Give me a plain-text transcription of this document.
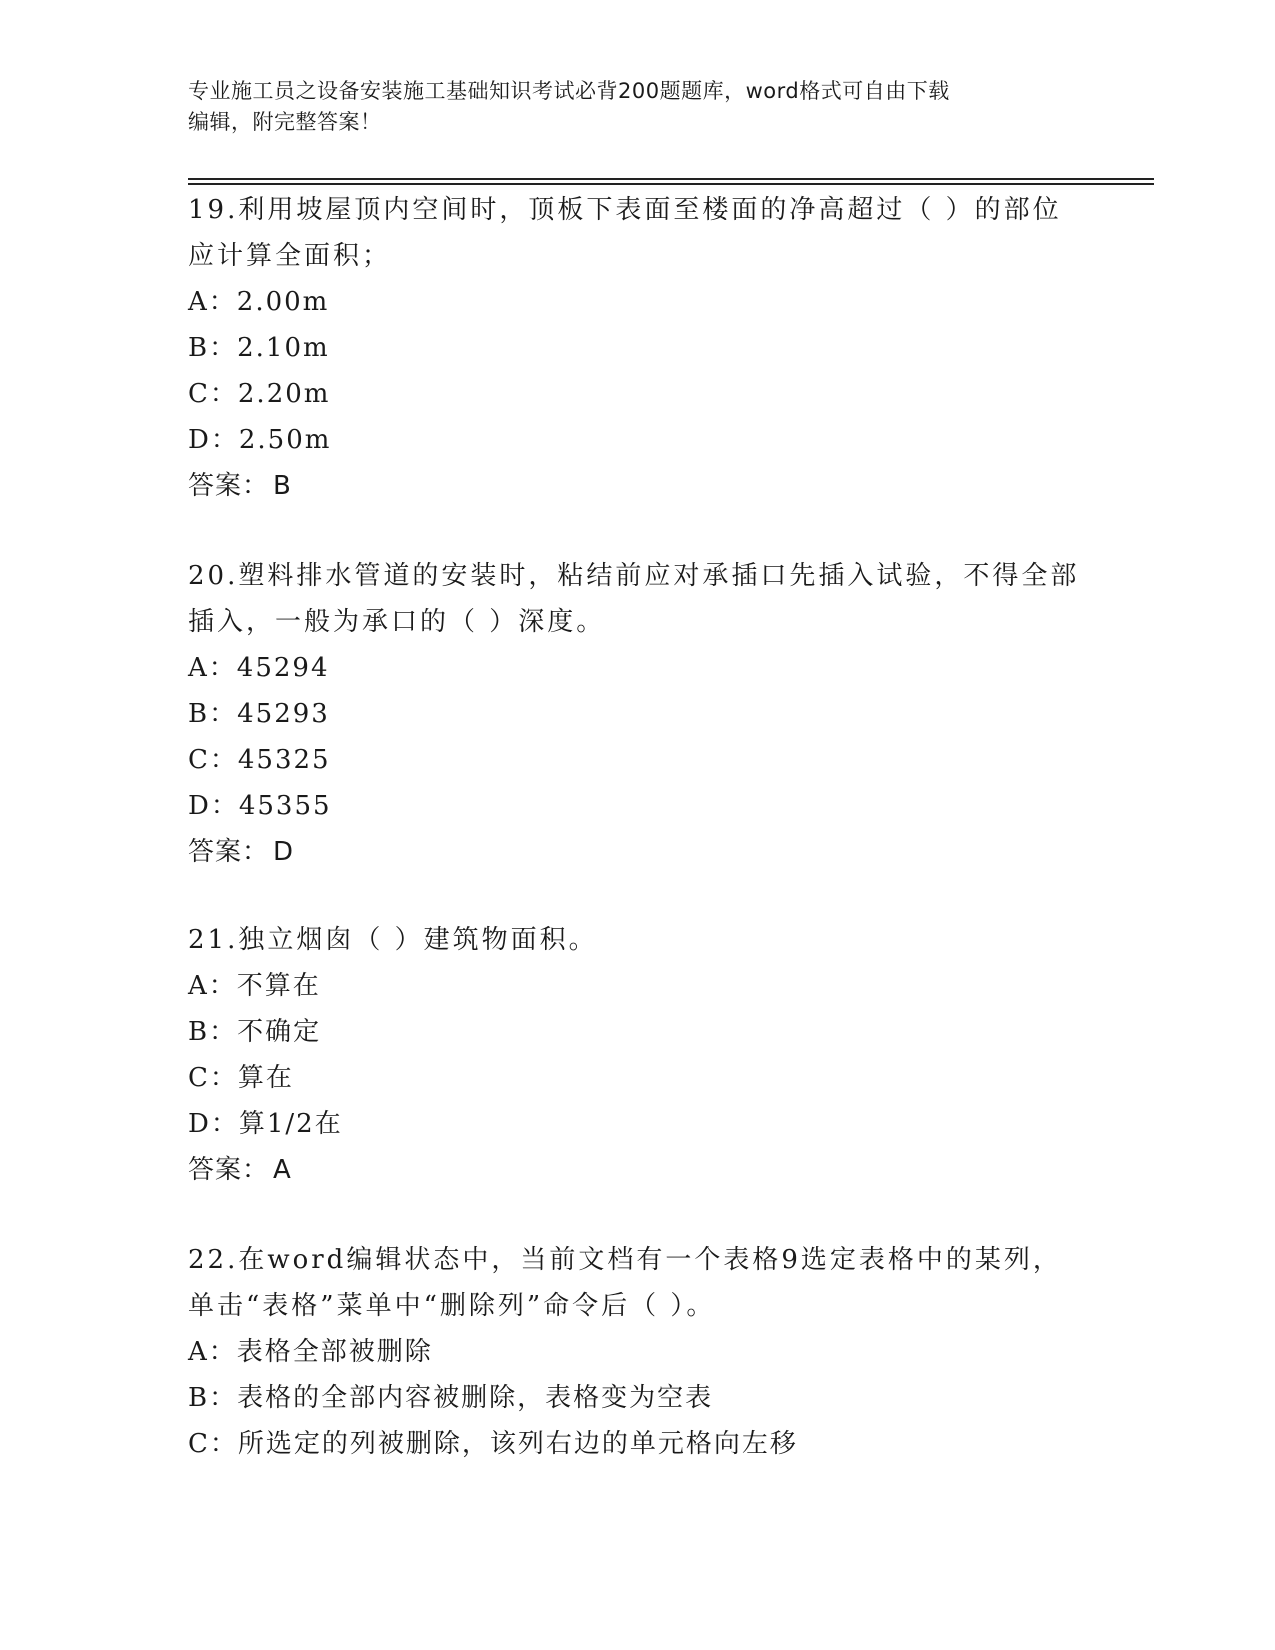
专业施工员之设备安装施工基础知识考试必背200题题库，word格式可自由下载
编辑，附完整答案！
19.利用坡屋顶内空间时，顶板下表面至楼面的净高超过（ ）的部位
应计算全面积；
A：2.00m
B：2.10m
C：2.20m
D：2.50m
答案： B
20.塑料排水管道的安装时，粘结前应对承插口先插入试验，不得全部
插入，一般为承口的（ ）深度。
A：45294
B：45293
C：45325
D：45355
答案： D
21.独立烟囱（ ）建筑物面积。
A：不算在
B：不确定
C：算在
D：算1/2在
答案： A
22.在word编辑状态中，当前文档有一个表格9选定表格中的某列，
单击“表格”菜单中“删除列”命令后（ ）。
A：表格全部被删除
B：表格的全部内容被删除，表格变为空表
C：所选定的列被删除，该列右边的单元格向左移
